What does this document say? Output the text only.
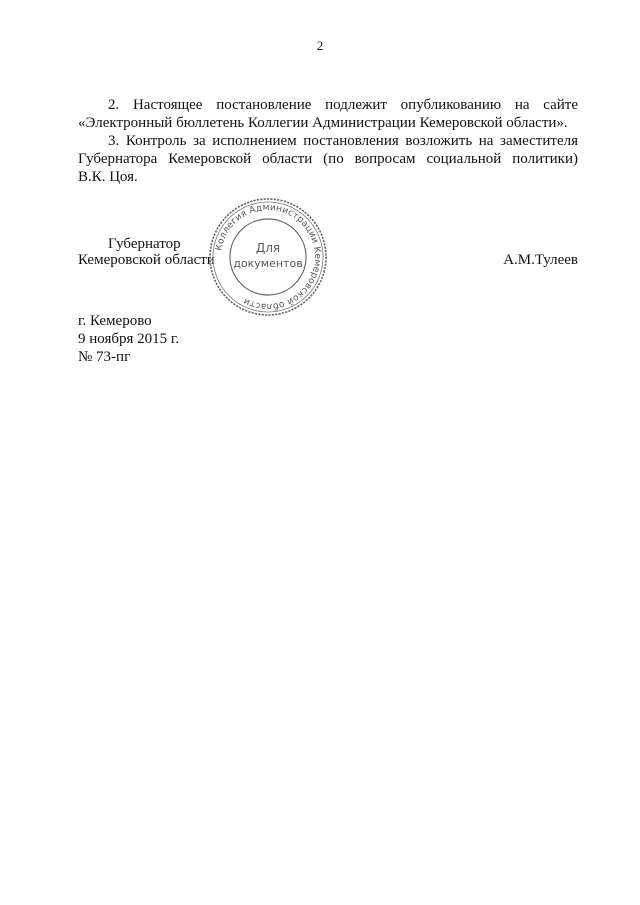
2
2. Настоящее постановление подлежит опубликованию на сайте
«Электронный бюллетень Коллегии Администрации Кемеровской области».
3. Контроль за исполнением постановления возложить на заместителя
Губернатора Кемеровской области (по вопросам социальной политики)
В.К. Цоя.
Губернатор
Кемеровской области	А.М.Тулеев
Коллегия Администрации Кемеровской области
Для
документов
г. Кемерово
9 ноября 2015 г.
№ 73-пг
